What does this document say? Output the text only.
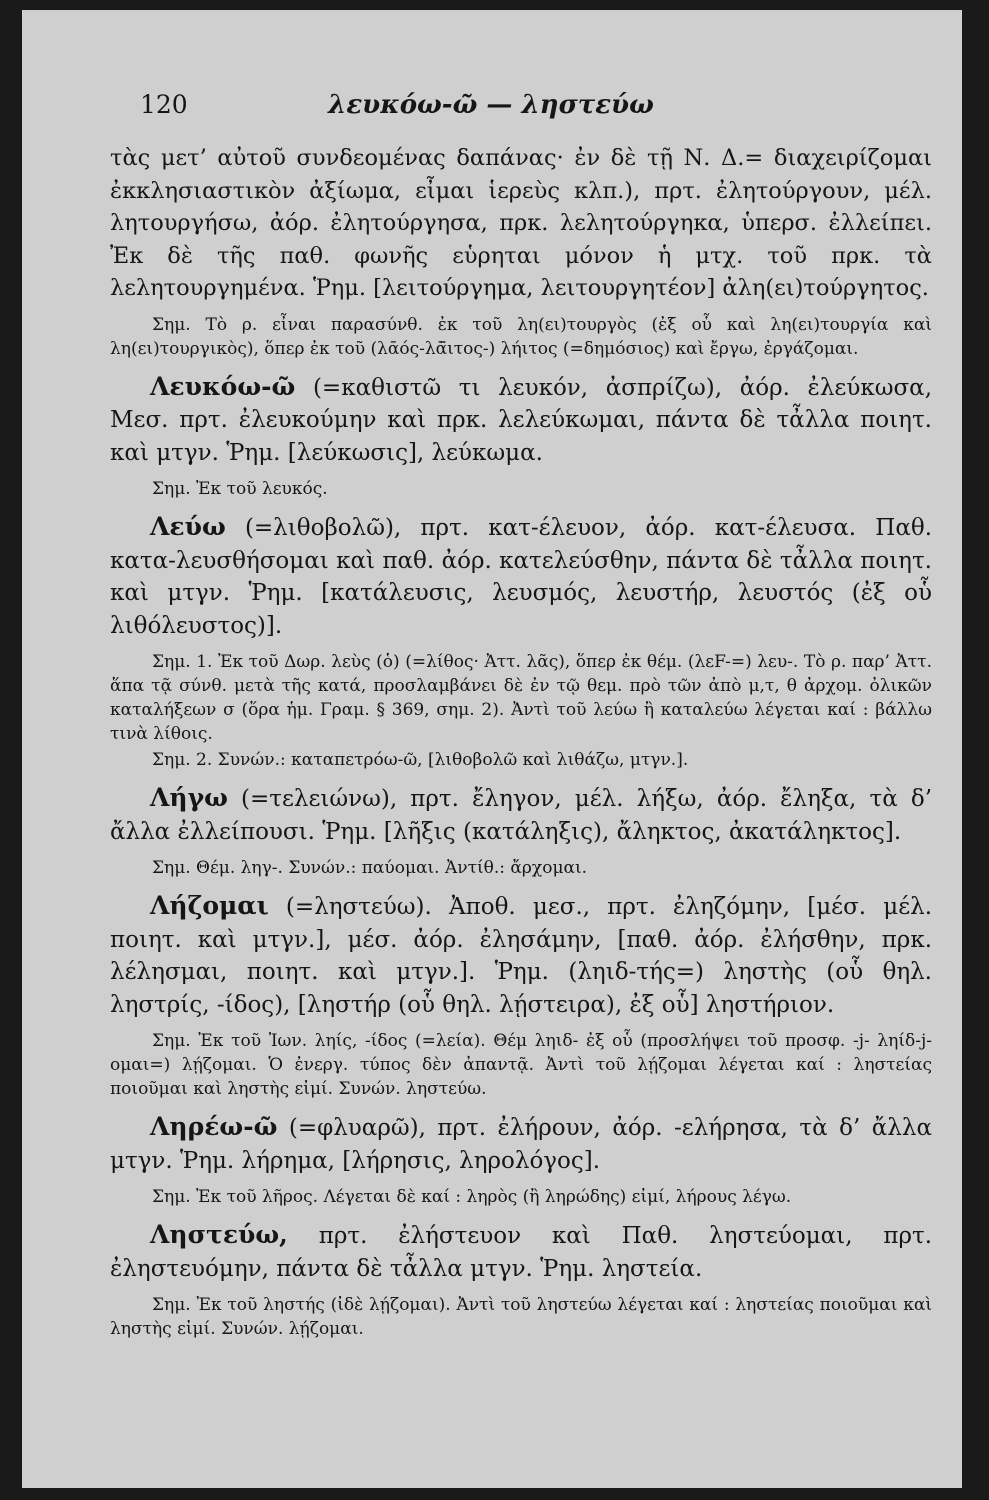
120	λευκόω-ῶ — ληστεύω

τὰς μετ’ αὐτοῦ συνδεομένας δαπάνας· ἐν δὲ τῇ Ν. Δ.= διαχειρίζομαι ἐκκλησιαστικὸν ἀξίωμα, εἶμαι ἱερεὺς κλπ.), πρτ. ἐλητούργουν, μέλ. λητουργήσω, ἀόρ. ἐλητούργησα, πρκ. λελητούργηκα, ὑπερσ. ἐλλείπει. Ἐκ δὲ τῆς παθ. φωνῆς εὑρηται μόνον ἡ μτχ. τοῦ πρκ. τὰ λελητουργημένα. Ῥημ. [λειτούργημα, λειτουργητέον] ἀλη(ει)τούργητος.

Σημ. Τὸ ρ. εἶναι παρασύνθ. ἐκ τοῦ λη(ει)τουργὸς (ἐξ οὗ καὶ λη(ει)τουργία καὶ λη(ει)τουργικὸς), ὅπερ ἐκ τοῦ (λᾱός-λᾱ̈ιτος-) λήιτος (=δημόσιος) καὶ ἔργω, ἐργάζομαι.

Λευκόω-ῶ (=καθιστῶ τι λευκόν, ἀσπρίζω), ἀόρ. ἐλεύκωσα, Μεσ. πρτ. ἐλευκούμην καὶ πρκ. λελεύκωμαι, πάντα δὲ τἆλλα ποιητ. καὶ μτγν. Ῥημ. [λεύκωσις], λεύκωμα.

Σημ. Ἐκ τοῦ λευκός.

Λεύω (=λιθοβολῶ), πρτ. κατ-έλευον, ἀόρ. κατ-έλευσα. Παθ. κατα-λευσθήσομαι καὶ παθ. ἀόρ. κατελεύσθην, πάντα δὲ τἆλλα ποιητ. καὶ μτγν. Ῥημ. [κατάλευσις, λευσμός, λευστήρ, λευστός (ἐξ οὗ λιθόλευστος)].

Σημ. 1. Ἐκ τοῦ Δωρ. λεὺς (ὁ) (=λίθος· Ἀττ. λᾶς), ὅπερ ἐκ θέμ. (λεF-=) λευ-. Τὸ ρ. παρ’ Ἀττ. ἅπα τᾷ σύνθ. μετὰ τῆς κατά, προσλαμβάνει δὲ ἐν τῷ θεμ. πρὸ τῶν ἀπὸ μ,τ, θ ἀρχομ. ὀλικῶν καταλήξεων σ (ὅρα ἡμ. Γραμ. § 369, σημ. 2). Ἀντὶ τοῦ λεύω ἢ καταλεύω λέγεται καί : βάλλω τινὰ λίθοις.

Σημ. 2. Συνών.: καταπετρόω-ῶ, [λιθοβολῶ καὶ λιθάζω, μτγν.].

Λήγω (=τελειώνω), πρτ. ἔληγον, μέλ. λήξω, ἀόρ. ἔληξα, τὰ δ’ ἄλλα ἐλλείπουσι. Ῥημ. [λῆξις (κατάληξις), ἄληκτος, ἀκατάληκτος].

Σημ. Θέμ. ληγ-. Συνών.: παύομαι. Ἀντίθ.: ἄρχομαι.

Λήζομαι (=ληστεύω). Ἀποθ. μεσ., πρτ. ἐληζόμην, [μέσ. μέλ. ποιητ. καὶ μτγν.], μέσ. ἀόρ. ἐλησάμην, [παθ. ἀόρ. ἐλήσθην, πρκ. λέλησμαι, ποιητ. καὶ μτγν.]. Ῥημ. (ληιδ-τής=) ληστὴς (οὗ θηλ. ληστρίς, -ίδος), [ληστήρ (οὗ θηλ. λῄστειρα), ἐξ οὗ] ληστήριον.

Σημ. Ἐκ τοῦ Ἰων. ληίς, -ίδος (=λεία). Θέμ ληιδ- ἐξ οὗ (προσλήψει τοῦ προσφ. -j- ληίδ-j-ομαι=) λῄζομαι. Ὁ ἐνεργ. τύπος δὲν ἀπαντᾷ. Ἀντὶ τοῦ λῄζομαι λέγεται καί : ληστείας ποιοῦμαι καὶ ληστὴς εἰμί. Συνών. ληστεύω.

Ληρέω-ῶ (=φλυαρῶ), πρτ. ἐλήρουν, ἀόρ. -ελήρησα, τὰ δ’ ἄλλα μτγν. Ῥημ. λήρημα, [λήρησις, ληρολόγος].

Σημ. Ἐκ τοῦ λῆρος. Λέγεται δὲ καί : ληρὸς (ἢ ληρώδης) εἰμί, λήρους λέγω.

Ληστεύω, πρτ. ἐλήστευον καὶ Παθ. ληστεύομαι, πρτ. ἐληστευόμην, πάντα δὲ τἆλλα μτγν. Ῥημ. ληστεία.

Σημ. Ἐκ τοῦ ληστής (ἰδὲ λῄζομαι). Ἀντὶ τοῦ ληστεύω λέγεται καί : ληστείας ποιοῦμαι καὶ ληστὴς εἰμί. Συνών. λῄζομαι.
